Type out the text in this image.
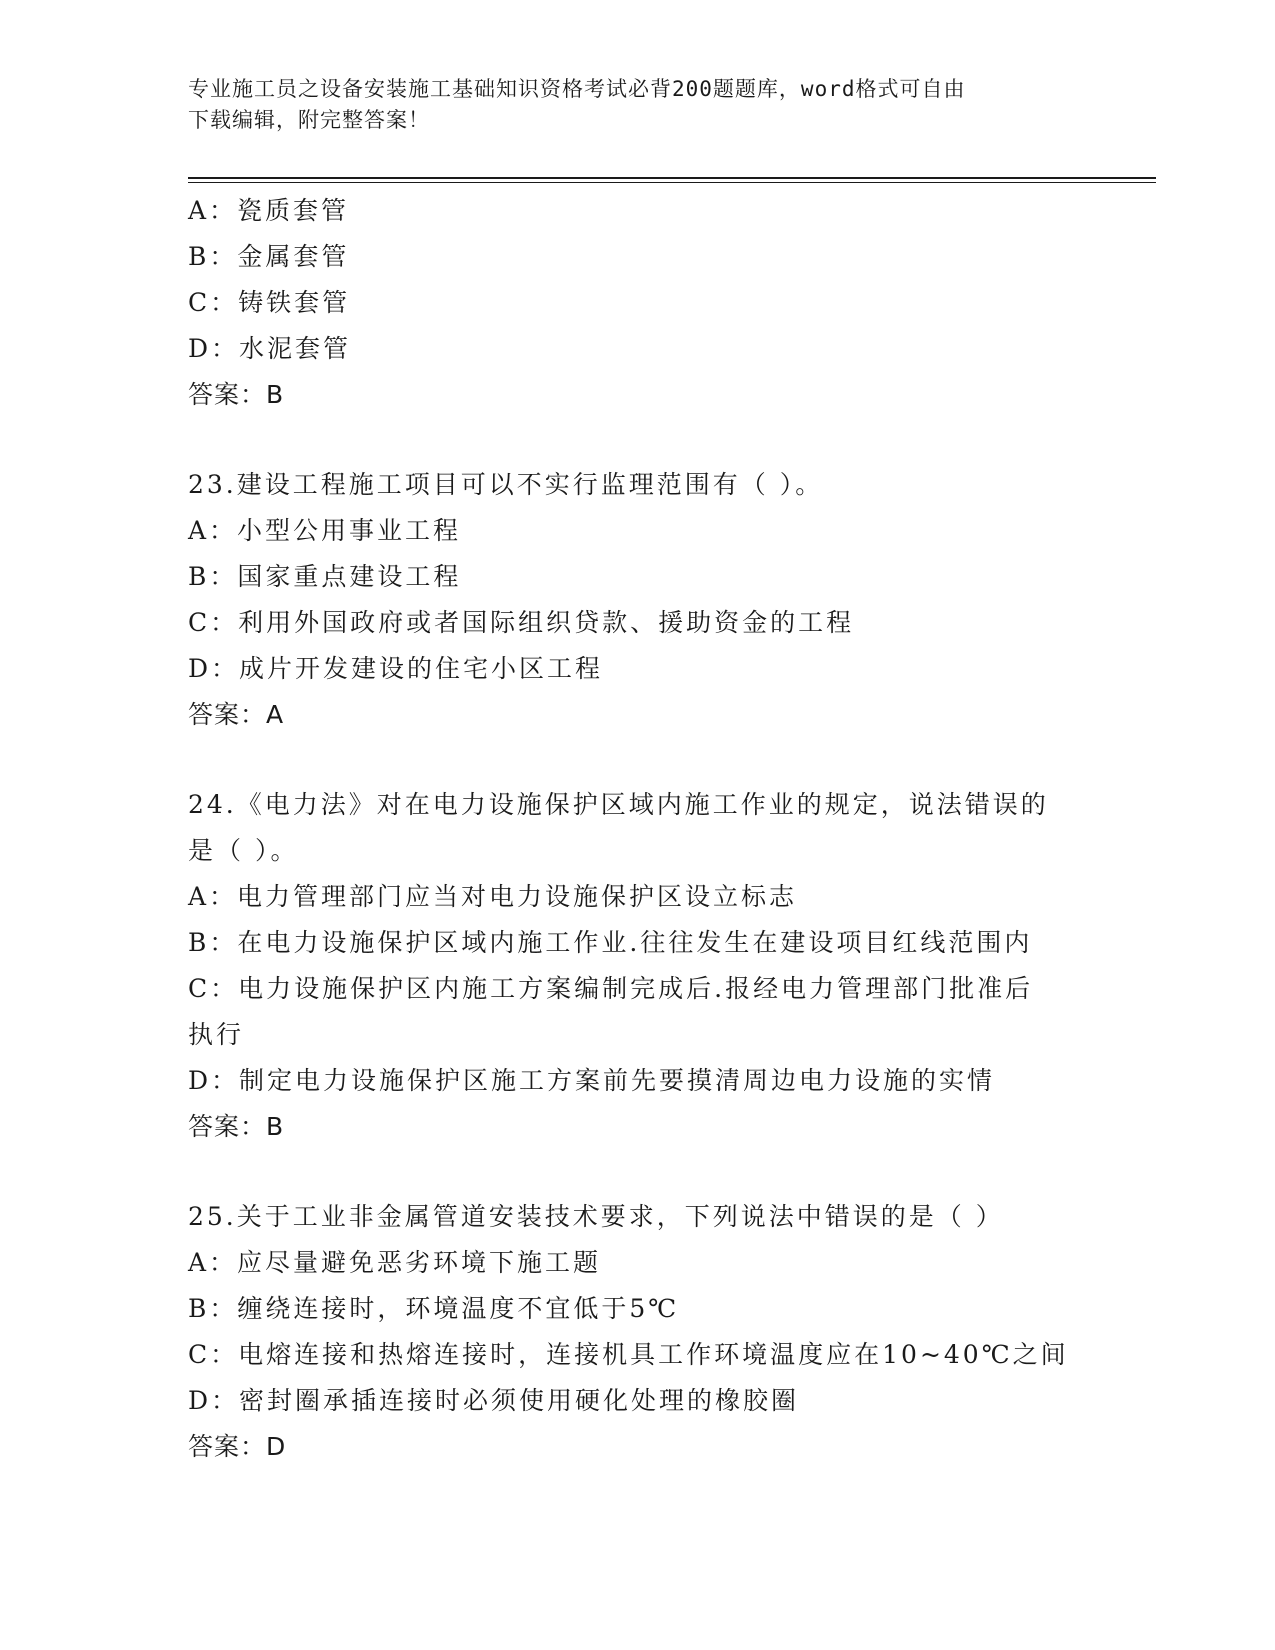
专业施工员之设备安装施工基础知识资格考试必背200题题库，word格式可自由

下载编辑，附完整答案！

A：瓷质套管

B：金属套管

C：铸铁套管

D：水泥套管

答案：B

23.建设工程施工项目可以不实行监理范围有（ ）。

A：小型公用事业工程

B：国家重点建设工程

C：利用外国政府或者国际组织贷款、援助资金的工程

D：成片开发建设的住宅小区工程

答案：A

24.《电力法》对在电力设施保护区域内施工作业的规定，说法错误的

是（ ）。

A：电力管理部门应当对电力设施保护区设立标志

B：在电力设施保护区域内施工作业.往往发生在建设项目红线范围内

C：电力设施保护区内施工方案编制完成后.报经电力管理部门批准后

执行

D：制定电力设施保护区施工方案前先要摸清周边电力设施的实情

答案：B

25.关于工业非金属管道安装技术要求，下列说法中错误的是（ ）

A：应尽量避免恶劣环境下施工题

B：缠绕连接时，环境温度不宜低于5℃

C：电熔连接和热熔连接时，连接机具工作环境温度应在10~40℃之间

D：密封圈承插连接时必须使用硬化处理的橡胶圈

答案：D
